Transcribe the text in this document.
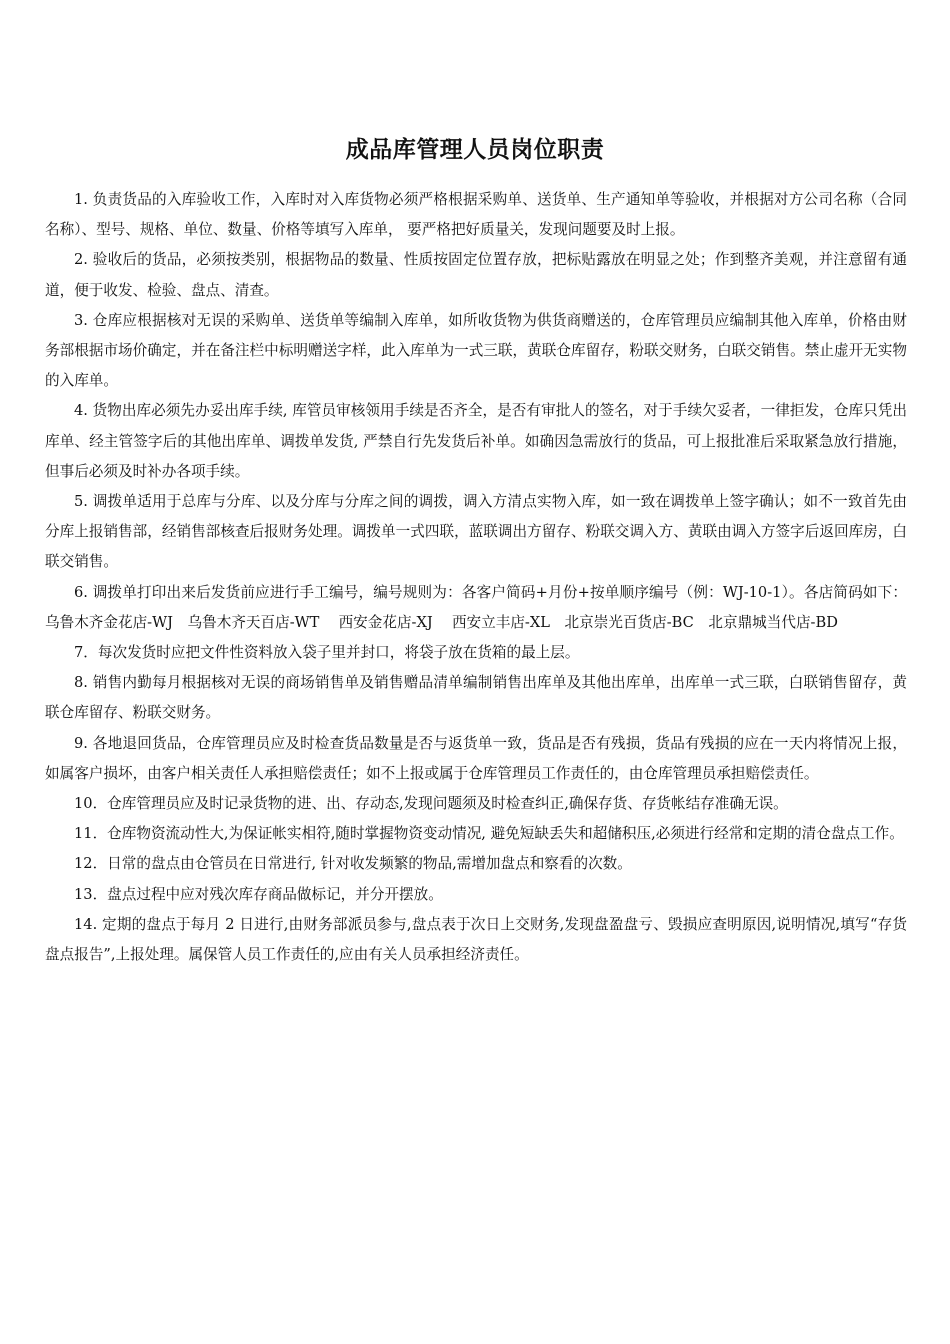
成品库管理人员岗位职责

1. 负责货品的入库验收工作，入库时对入库货物必须严格根据采购单、送货单、生产通知单等验收，并根据对方公司名称（合同名称）、型号、规格、单位、数量、价格等填写入库单， 要严格把好质量关，发现问题要及时上报。

2. 验收后的货品，必须按类别，根据物品的数量、性质按固定位置存放，把标贴露放在明显之处；作到整齐美观，并注意留有通道，便于收发、检验、盘点、清查。

3. 仓库应根据核对无误的采购单、送货单等编制入库单，如所收货物为供货商赠送的，仓库管理员应编制其他入库单，价格由财务部根据市场价确定，并在备注栏中标明赠送字样，此入库单为一式三联，黄联仓库留存，粉联交财务，白联交销售。禁止虚开无实物的入库单。

4. 货物出库必须先办妥出库手续, 库管员审核领用手续是否齐全，是否有审批人的签名，对于手续欠妥者，一律拒发，仓库只凭出库单、经主管签字后的其他出库单、调拨单发货, 严禁自行先发货后补单。如确因急需放行的货品，可上报批准后采取紧急放行措施，但事后必须及时补办各项手续。

5. 调拨单适用于总库与分库、以及分库与分库之间的调拨，调入方清点实物入库，如一致在调拨单上签字确认；如不一致首先由分库上报销售部，经销售部核查后报财务处理。调拨单一式四联，蓝联调出方留存、粉联交调入方、黄联由调入方签字后返回库房，白联交销售。

6. 调拨单打印出来后发货前应进行手工编号，编号规则为：各客户简码+月份+按单顺序编号（例：WJ-10-1）。各店简码如下：乌鲁木齐金花店-WJ　乌鲁木齐天百店-WT　 西安金花店-XJ　 西安立丰店-XL　北京崇光百货店-BC　北京鼎城当代店-BD

7．每次发货时应把文件性资料放入袋子里并封口，将袋子放在货箱的最上层。

8. 销售内勤每月根据核对无误的商场销售单及销售赠品清单编制销售出库单及其他出库单，出库单一式三联，白联销售留存，黄联仓库留存、粉联交财务。

9. 各地退回货品，仓库管理员应及时检查货品数量是否与返货单一致，货品是否有残损，货品有残损的应在一天内将情况上报，如属客户损坏，由客户相关责任人承担赔偿责任；如不上报或属于仓库管理员工作责任的，由仓库管理员承担赔偿责任。

10．仓库管理员应及时记录货物的进、出、存动态,发现问题须及时检查纠正,确保存货、存货帐结存准确无误。

11．仓库物资流动性大,为保证帐实相符,随时掌握物资变动情况, 避免短缺丢失和超储积压,必须进行经常和定期的清仓盘点工作。

12．日常的盘点由仓管员在日常进行, 针对收发频繁的物品,需增加盘点和察看的次数。

13．盘点过程中应对残次库存商品做标记，并分开摆放。

14. 定期的盘点于每月 2 日进行,由财务部派员参与,盘点表于次日上交财务,发现盘盈盘亏、毁损应查明原因,说明情况,填写“存货盘点报告”,上报处理。属保管人员工作责任的,应由有关人员承担经济责任。
